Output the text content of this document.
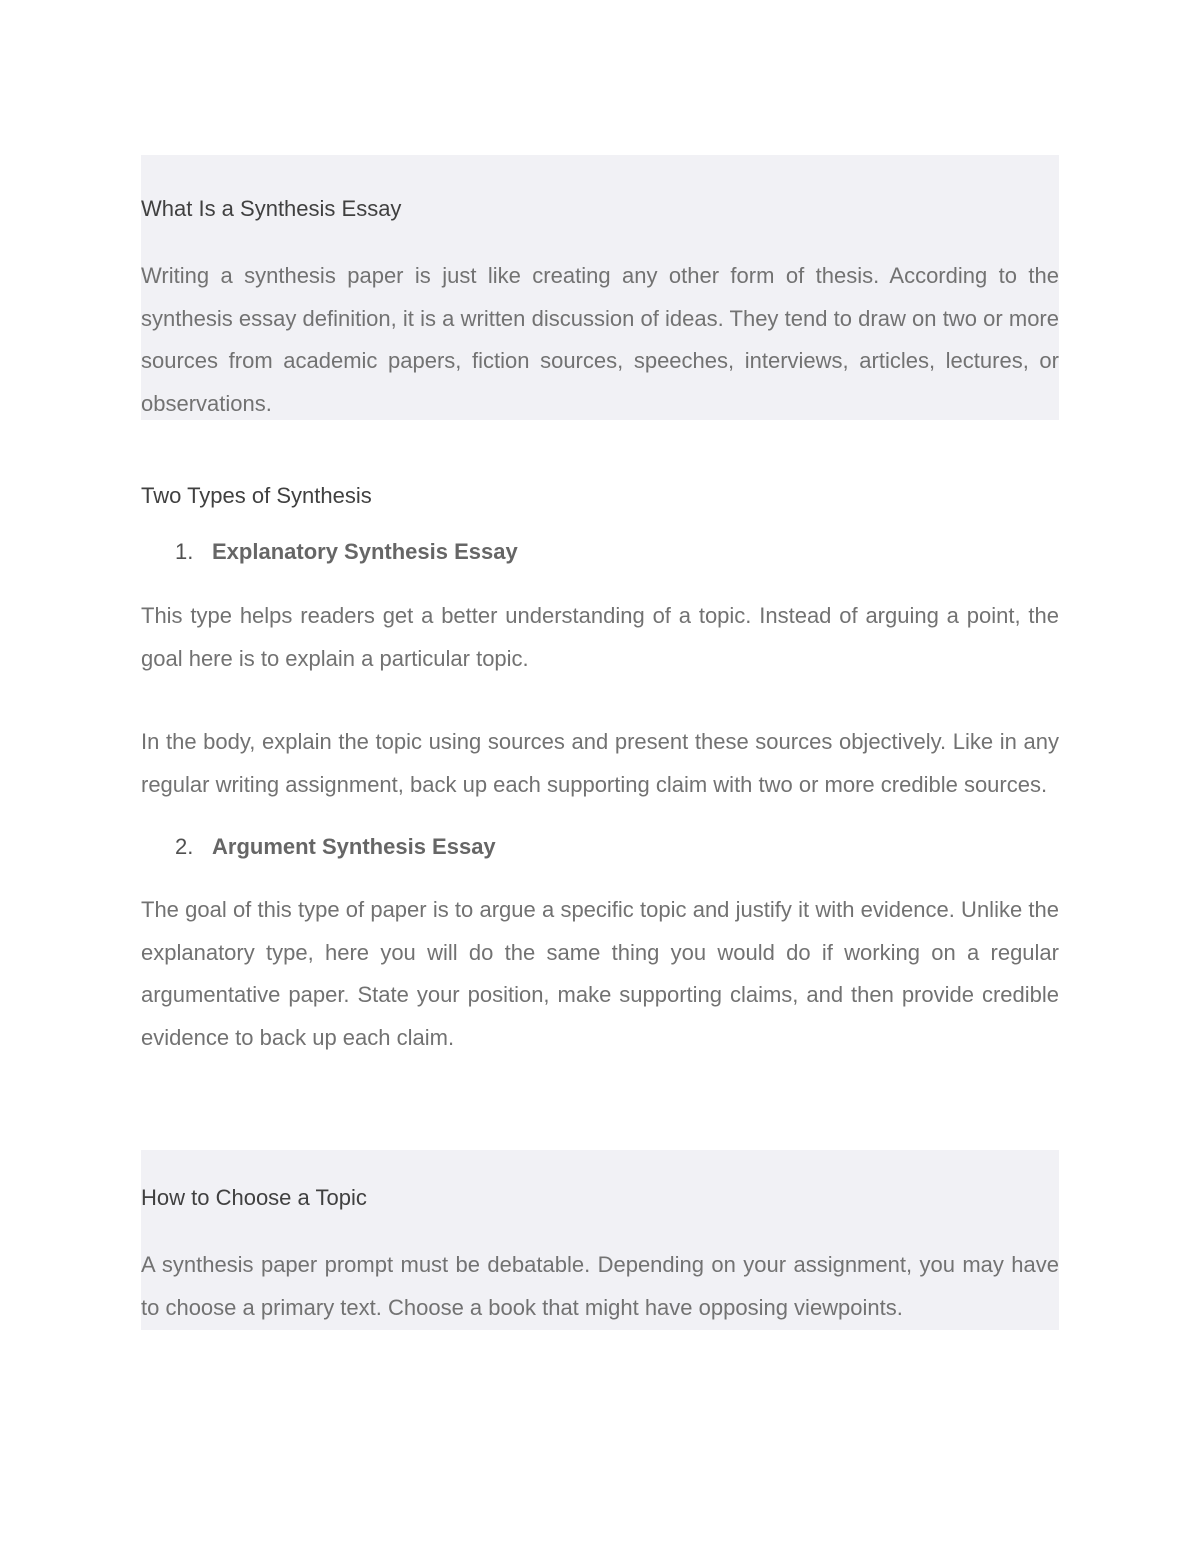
What Is a Synthesis Essay

Writing a synthesis paper is just like creating any other form of thesis. According to the synthesis essay definition, it is a written discussion of ideas. They tend to draw on two or more sources from academic papers, fiction sources, speeches, interviews, articles, lectures, or observations.

Two Types of Synthesis

1. Explanatory Synthesis Essay

This type helps readers get a better understanding of a topic. Instead of arguing a point, the goal here is to explain a particular topic.

In the body, explain the topic using sources and present these sources objectively. Like in any regular writing assignment, back up each supporting claim with two or more credible sources.

2. Argument Synthesis Essay

The goal of this type of paper is to argue a specific topic and justify it with evidence. Unlike the explanatory type, here you will do the same thing you would do if working on a regular argumentative paper. State your position, make supporting claims, and then provide credible evidence to back up each claim.

How to Choose a Topic

A synthesis paper prompt must be debatable. Depending on your assignment, you may have to choose a primary text. Choose a book that might have opposing viewpoints.
